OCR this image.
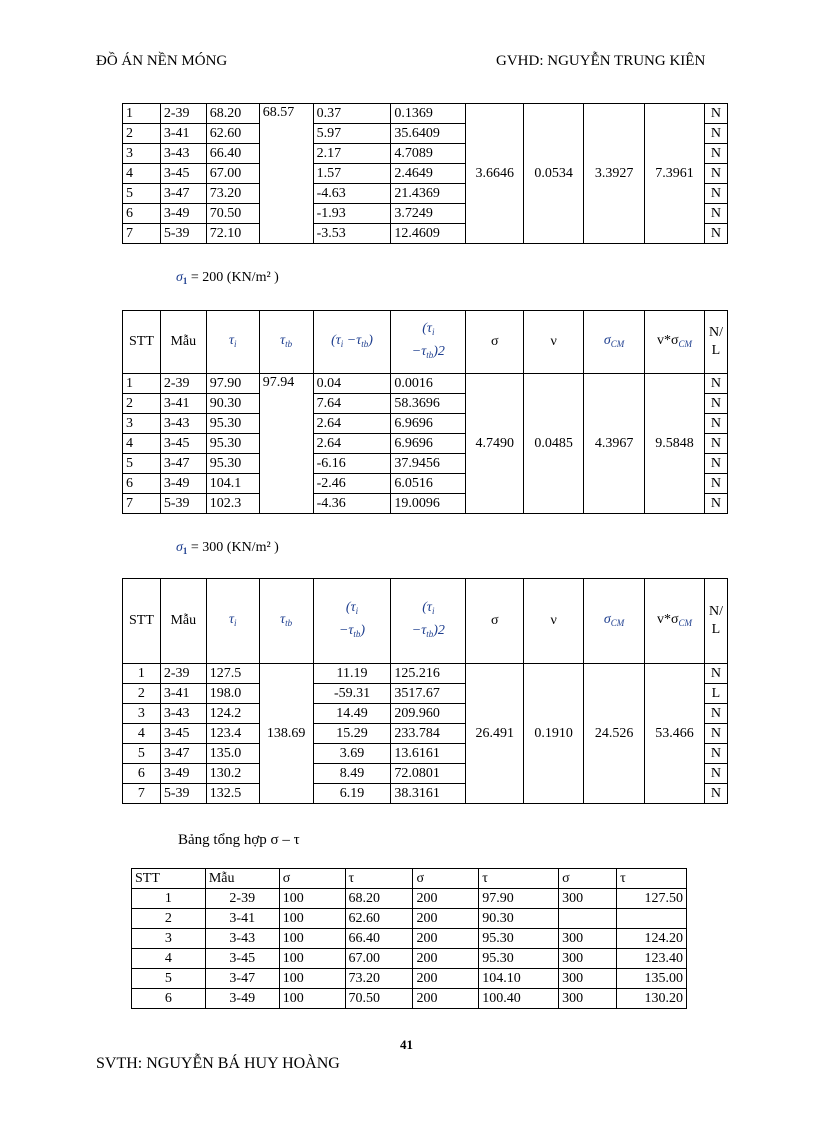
ĐỒ ÁN NỀN MÓNG	GVHD: NGUYỄN TRUNG KIÊN
1	2-39	68.20	68.57	0.37	0.1369	3.6646	0.0534	3.3927	7.3961	N
2	3-41	62.60		5.97	35.6409					N
3	3-43	66.40		2.17	4.7089					N
4	3-45	67.00		1.57	2.4649					N
5	3-47	73.20		-4.63	21.4369					N
6	3-49	70.50		-1.93	3.7249					N
7	5-39	72.10		-3.53	12.4609					N
$\sigma_1 = 200$ (KN/m² )
STT	Mẫu	$\tau_i$	$\tau_{tb}$	$(\tau_i -\tau_{tb})$	($\tau_i$
$-\tau_{tb})2$	σ	ν	$\sigma_{CM}$	$v*\sigma_{CM}$	N/L
1	2-39	97.90	97.94	0.04	0.0016	4.7490	0.0485	4.3967	9.5848	N
2	3-41	90.30		7.64	58.3696					N
3	3-43	95.30		2.64	6.9696					N
4	3-45	95.30		2.64	6.9696					N
5	3-47	95.30		-6.16	37.9456					N
6	3-49	104.1		-2.46	6.0516					N
7	5-39	102.3		-4.36	19.0096					N
$\sigma_1 = 300$ (KN/m² )
STT	Mẫu	$\tau_i$	$\tau_{tb}$	($\tau_i$
$-\tau_{tb}$)	($\tau_i$
$-\tau_{tb})2$	σ	ν	$\sigma_{CM}$	$v*\sigma_{CM}$	N/L
1	2-39	127.5	138.69	11.19	125.216	26.491	0.1910	24.526	53.466	N
2	3-41	198.0		-59.31	3517.67					L
3	3-43	124.2		14.49	209.960					N
4	3-45	123.4		15.29	233.784					N
5	3-47	135.0		3.69	13.6161					N
6	3-49	130.2		8.49	72.0801					N
7	5-39	132.5		6.19	38.3161					N
Bảng tổng hợp σ – τ
STT	Mẫu	σ	τ	σ	τ	σ	τ
1	2-39	100	68.20	200	97.90	300	127.50
2	3-41	100	62.60	200	90.30		
3	3-43	100	66.40	200	95.30	300	124.20
4	3-45	100	67.00	200	95.30	300	123.40
5	3-47	100	73.20	200	104.10	300	135.00
6	3-49	100	70.50	200	100.40	300	130.20
41
SVTH: NGUYỄN BÁ HUY HOÀNG
